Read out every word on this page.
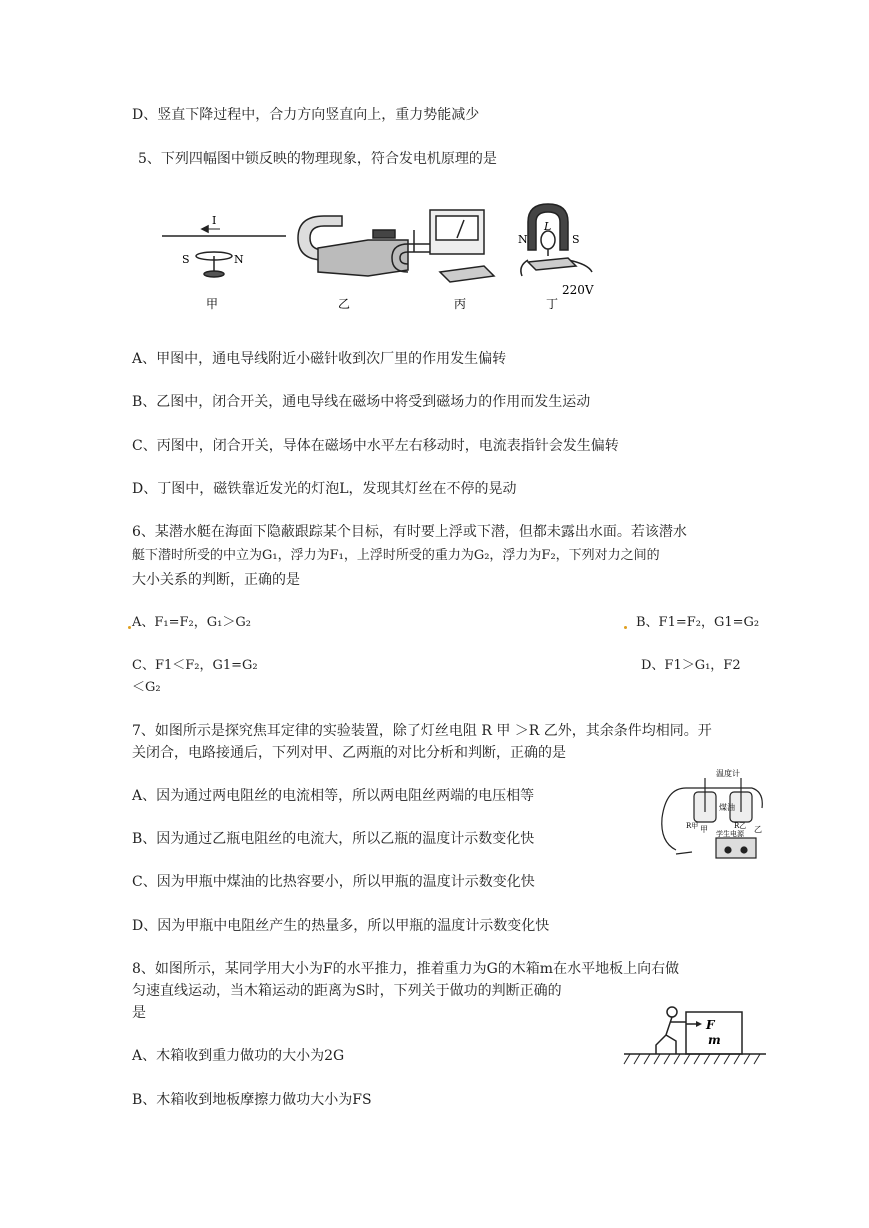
D、竖直下降过程中，合力方向竖直向上，重力势能减少
5、下列四幅图中锁反映的物理现象，符合发电机原理的是
I
S	N
甲	乙	丙
N	S
L
220V
丁
A、甲图中，通电导线附近小磁针收到次厂里的作用发生偏转
B、乙图中，闭合开关，通电导线在磁场中将受到磁场力的作用而发生运动
C、丙图中，闭合开关，导体在磁场中水平左右移动时，电流表指针会发生偏转
D、丁图中，磁铁靠近发光的灯泡L，发现其灯丝在不停的晃动
6、某潜水艇在海面下隐蔽跟踪某个目标，有时要上浮或下潜，但都未露出水面。若该潜水
艇下潜时所受的中立为G₁，浮力为F₁，上浮时所受的重力为G₂，浮力为F₂，下列对力之间的
大小关系的判断，正确的是
A、F₁=F₂，G₁＞G₂	B、F1=F₂，G1=G₂
C、F1＜F₂，G1=G₂	D、F1＞G₁，F2
＜G₂
7、如图所示是探究焦耳定律的实验装置，除了灯丝电阻 R 甲 ＞R 乙外，其余条件均相同。开
关闭合，电路接通后，下列对甲、乙两瓶的对比分析和判断，正确的是
A、因为通过两电阻丝的电流相等，所以两电阻丝两端的电压相等
B、因为通过乙瓶电阻丝的电流大，所以乙瓶的温度计示数变化快
C、因为甲瓶中煤油的比热容要小，所以甲瓶的温度计示数变化快
D、因为甲瓶中电阻丝产生的热量多，所以甲瓶的温度计示数变化快
温度计
煤油
R甲	R乙
甲	乙
学生电源
8、如图所示，某同学用大小为F的水平推力，推着重力为G的木箱m在水平地板上向右做
匀速直线运动，当木箱运动的距离为S时，下列关于做功的判断正确的
是
F
m
A、木箱收到重力做功的大小为2G
B、木箱收到地板摩擦力做功大小为FS
